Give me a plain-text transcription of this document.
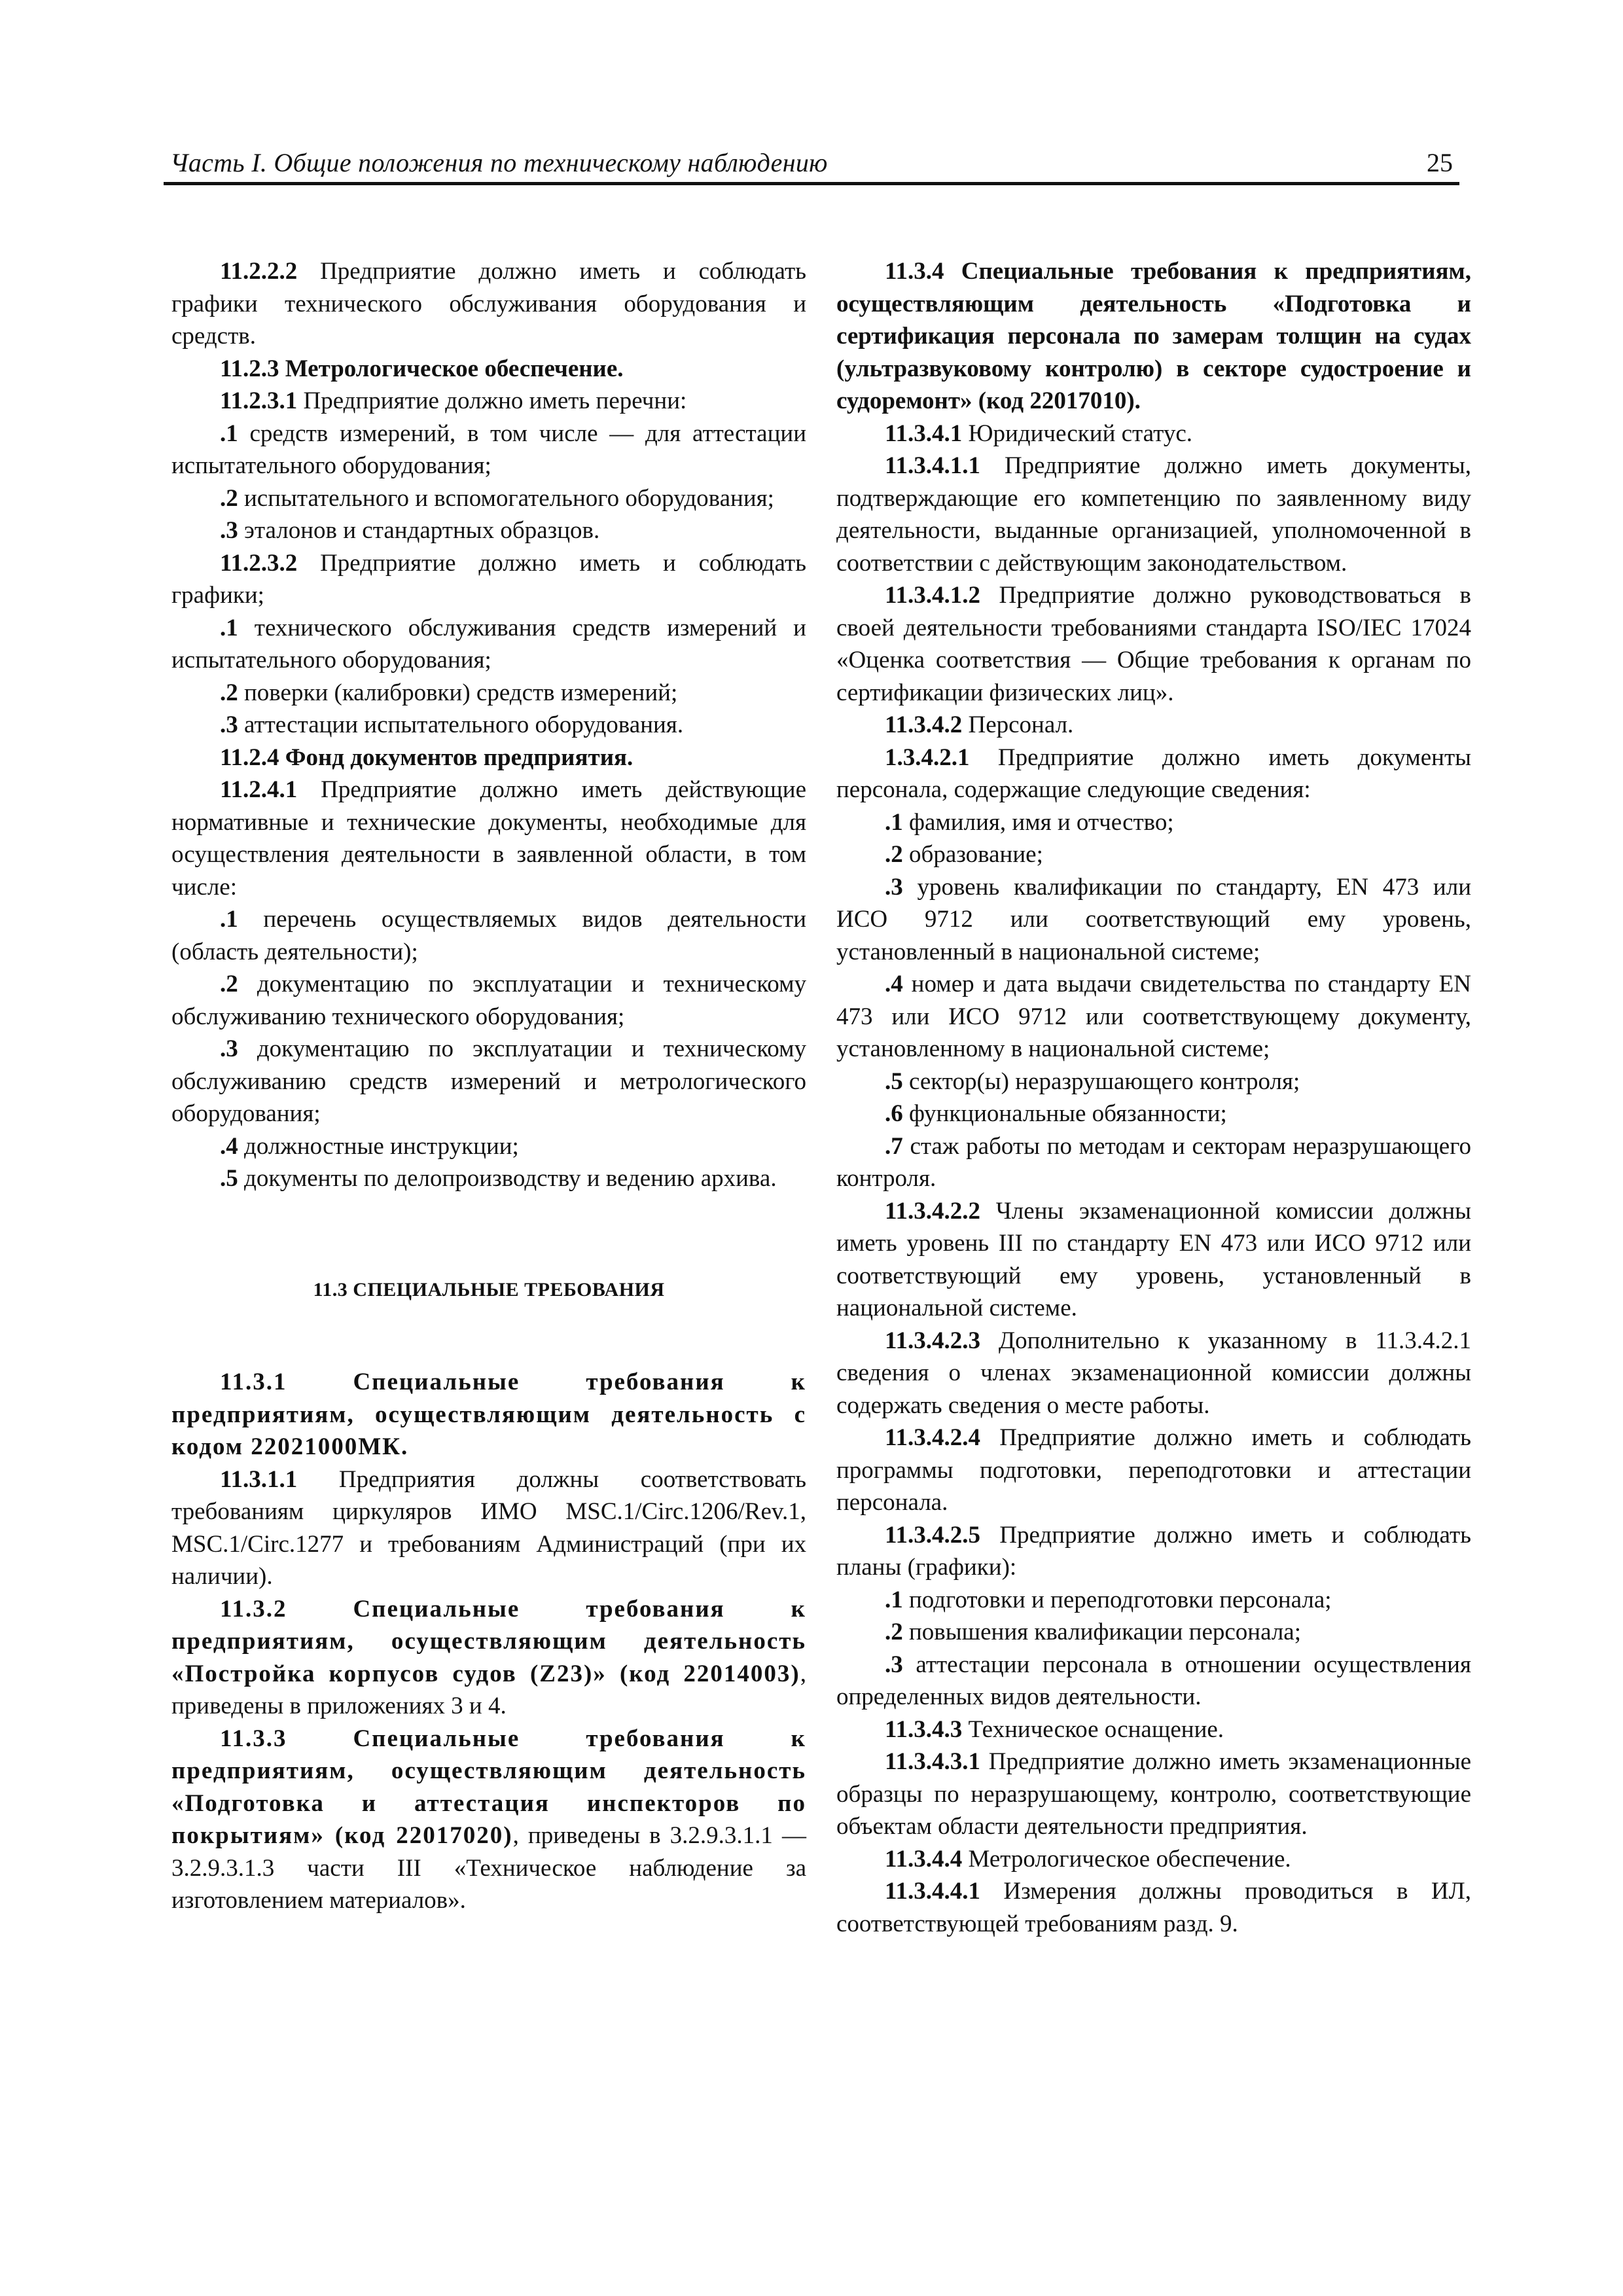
Часть I. Общие положения по техническому наблюдению	25

11.2.2.2 Предприятие должно иметь и соблюдать графики технического обслуживания оборудования и средств.

11.2.3 Метрологическое обеспечение.

11.2.3.1 Предприятие должно иметь перечни:

.1 средств измерений, в том числе — для аттестации испытательного оборудования;

.2 испытательного и вспомогательного оборудования;

.3 эталонов и стандартных образцов.

11.2.3.2 Предприятие должно иметь и соблюдать графики;

.1 технического обслуживания средств измерений и испытательного оборудования;

.2 поверки (калибровки) средств измерений;

.3 аттестации испытательного оборудования.

11.2.4 Фонд документов предприятия.

11.2.4.1 Предприятие должно иметь действующие нормативные и технические документы, необходимые для осуществления деятельности в заявленной области, в том числе:

.1 перечень осуществляемых видов деятельности (область деятельности);

.2 документацию по эксплуатации и техническому обслуживанию технического оборудования;

.3 документацию по эксплуатации и техническому обслуживанию средств измерений и метрологического оборудования;

.4 должностные инструкции;

.5 документы по делопроизводству и ведению архива.

11.3 СПЕЦИАЛЬНЫЕ ТРЕБОВАНИЯ

11.3.1 Специальные требования к предприятиям, осуществляющим деятельность с кодом 22021000МК.

11.3.1.1 Предприятия должны соответствовать требованиям циркуляров ИМО MSC.1/Circ.1206/Rev.1, MSC.1/Circ.1277 и требованиям Администраций (при их наличии).

11.3.2 Специальные требования к предприятиям, осуществляющим деятельность «Постройка корпусов судов (Z23)» (код 22014003), приведены в приложениях 3 и 4.

11.3.3 Специальные требования к предприятиям, осуществляющим деятельность «Подготовка и аттестация инспекторов по покрытиям» (код 22017020), приведены в 3.2.9.3.1.1 — 3.2.9.3.1.3 части III «Техническое наблюдение за изготовлением материалов».

11.3.4 Специальные требования к предприятиям, осуществляющим деятельность «Подготовка и сертификация персонала по замерам толщин на судах (ультразвуковому контролю) в секторе судостроение и судоремонт» (код 22017010).

11.3.4.1 Юридический статус.

11.3.4.1.1 Предприятие должно иметь документы, подтверждающие его компетенцию по заявленному виду деятельности, выданные организацией, уполномоченной в соответствии с действующим законодательством.

11.3.4.1.2 Предприятие должно руководствоваться в своей деятельности требованиями стандарта ISO/IEC 17024 «Оценка соответствия — Общие требования к органам по сертификации физических лиц».

11.3.4.2 Персонал.

1.3.4.2.1 Предприятие должно иметь документы персонала, содержащие следующие сведения:

.1 фамилия, имя и отчество;

.2 образование;

.3 уровень квалификации по стандарту, EN 473 или ИСО 9712 или соответствующий ему уровень, установленный в национальной системе;

.4 номер и дата выдачи свидетельства по стандарту EN 473 или ИСО 9712 или соответствующему документу, установленному в национальной системе;

.5 сектор(ы) неразрушающего контроля;

.6 функциональные обязанности;

.7 стаж работы по методам и секторам неразрушающего контроля.

11.3.4.2.2 Члены экзаменационной комиссии должны иметь уровень III по стандарту EN 473 или ИСО 9712 или соответствующий ему уровень, установленный в национальной системе.

11.3.4.2.3 Дополнительно к указанному в 11.3.4.2.1 сведения о членах экзаменационной комиссии должны содержать сведения о месте работы.

11.3.4.2.4 Предприятие должно иметь и соблюдать программы подготовки, переподготовки и аттестации персонала.

11.3.4.2.5 Предприятие должно иметь и соблюдать планы (графики):

.1 подготовки и переподготовки персонала;

.2 повышения квалификации персонала;

.3 аттестации персонала в отношении осуществления определенных видов деятельности.

11.3.4.3 Техническое оснащение.

11.3.4.3.1 Предприятие должно иметь экзаменационные образцы по неразрушающему, контролю, соответствующие объектам области деятельности предприятия.

11.3.4.4 Метрологическое обеспечение.

11.3.4.4.1 Измерения должны проводиться в ИЛ, соответствующей требованиям разд. 9.
